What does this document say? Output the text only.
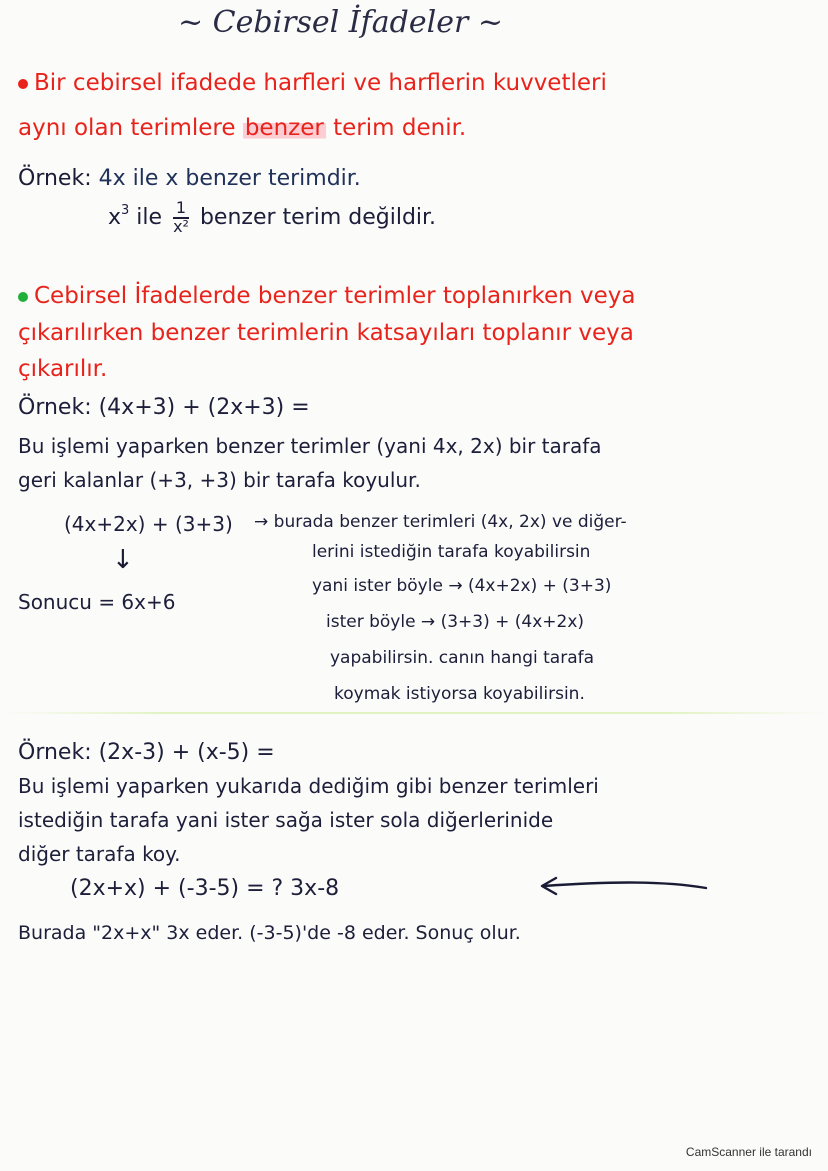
~ Cebirsel İfadeler ~
Bir cebirsel ifadede harfleri ve harflerin kuvvetleri
aynı olan terimlere benzer terim denir.
Örnek: 4x ile x benzer terimdir.
$x^3$ ile $\frac{1}{\text{x²}}$ benzer terim değildir.
Cebirsel İfadelerde benzer terimler toplanırken veya
çıkarılırken benzer terimlerin katsayıları toplanır veya
çıkarılır.
Örnek: (4x+3) + (2x+3) =
Bu işlemi yaparken benzer terimler (yani 4x, 2x) bir tarafa
geri kalanlar (+3, +3) bir tarafa koyulur.
(4x+2x) + (3+3) → burada benzer terimleri (4x, 2x) ve diğer-
lerini istediğin tarafa koyabilirsin
yani ister böyle → (4x+2x) + (3+3)
ister böyle → (3+3) + (4x+2x)
yapabilirsin. canın hangi tarafa
koymak istiyorsa koyabilirsin.
↓
Sonucu = 6x+6
Örnek: (2x-3) + (x-5) =
Bu işlemi yaparken yukarıda dediğim gibi benzer terimleri
istediğin tarafa yani ister sağa ister sola diğerlerinide
diğer tarafa koy.
(2x+x) + (-3-5) = ? 3x-8
Burada "2x+x" 3x eder. (-3-5)'de -8 eder. Sonuç olur.
CamScanner ile tarandı
